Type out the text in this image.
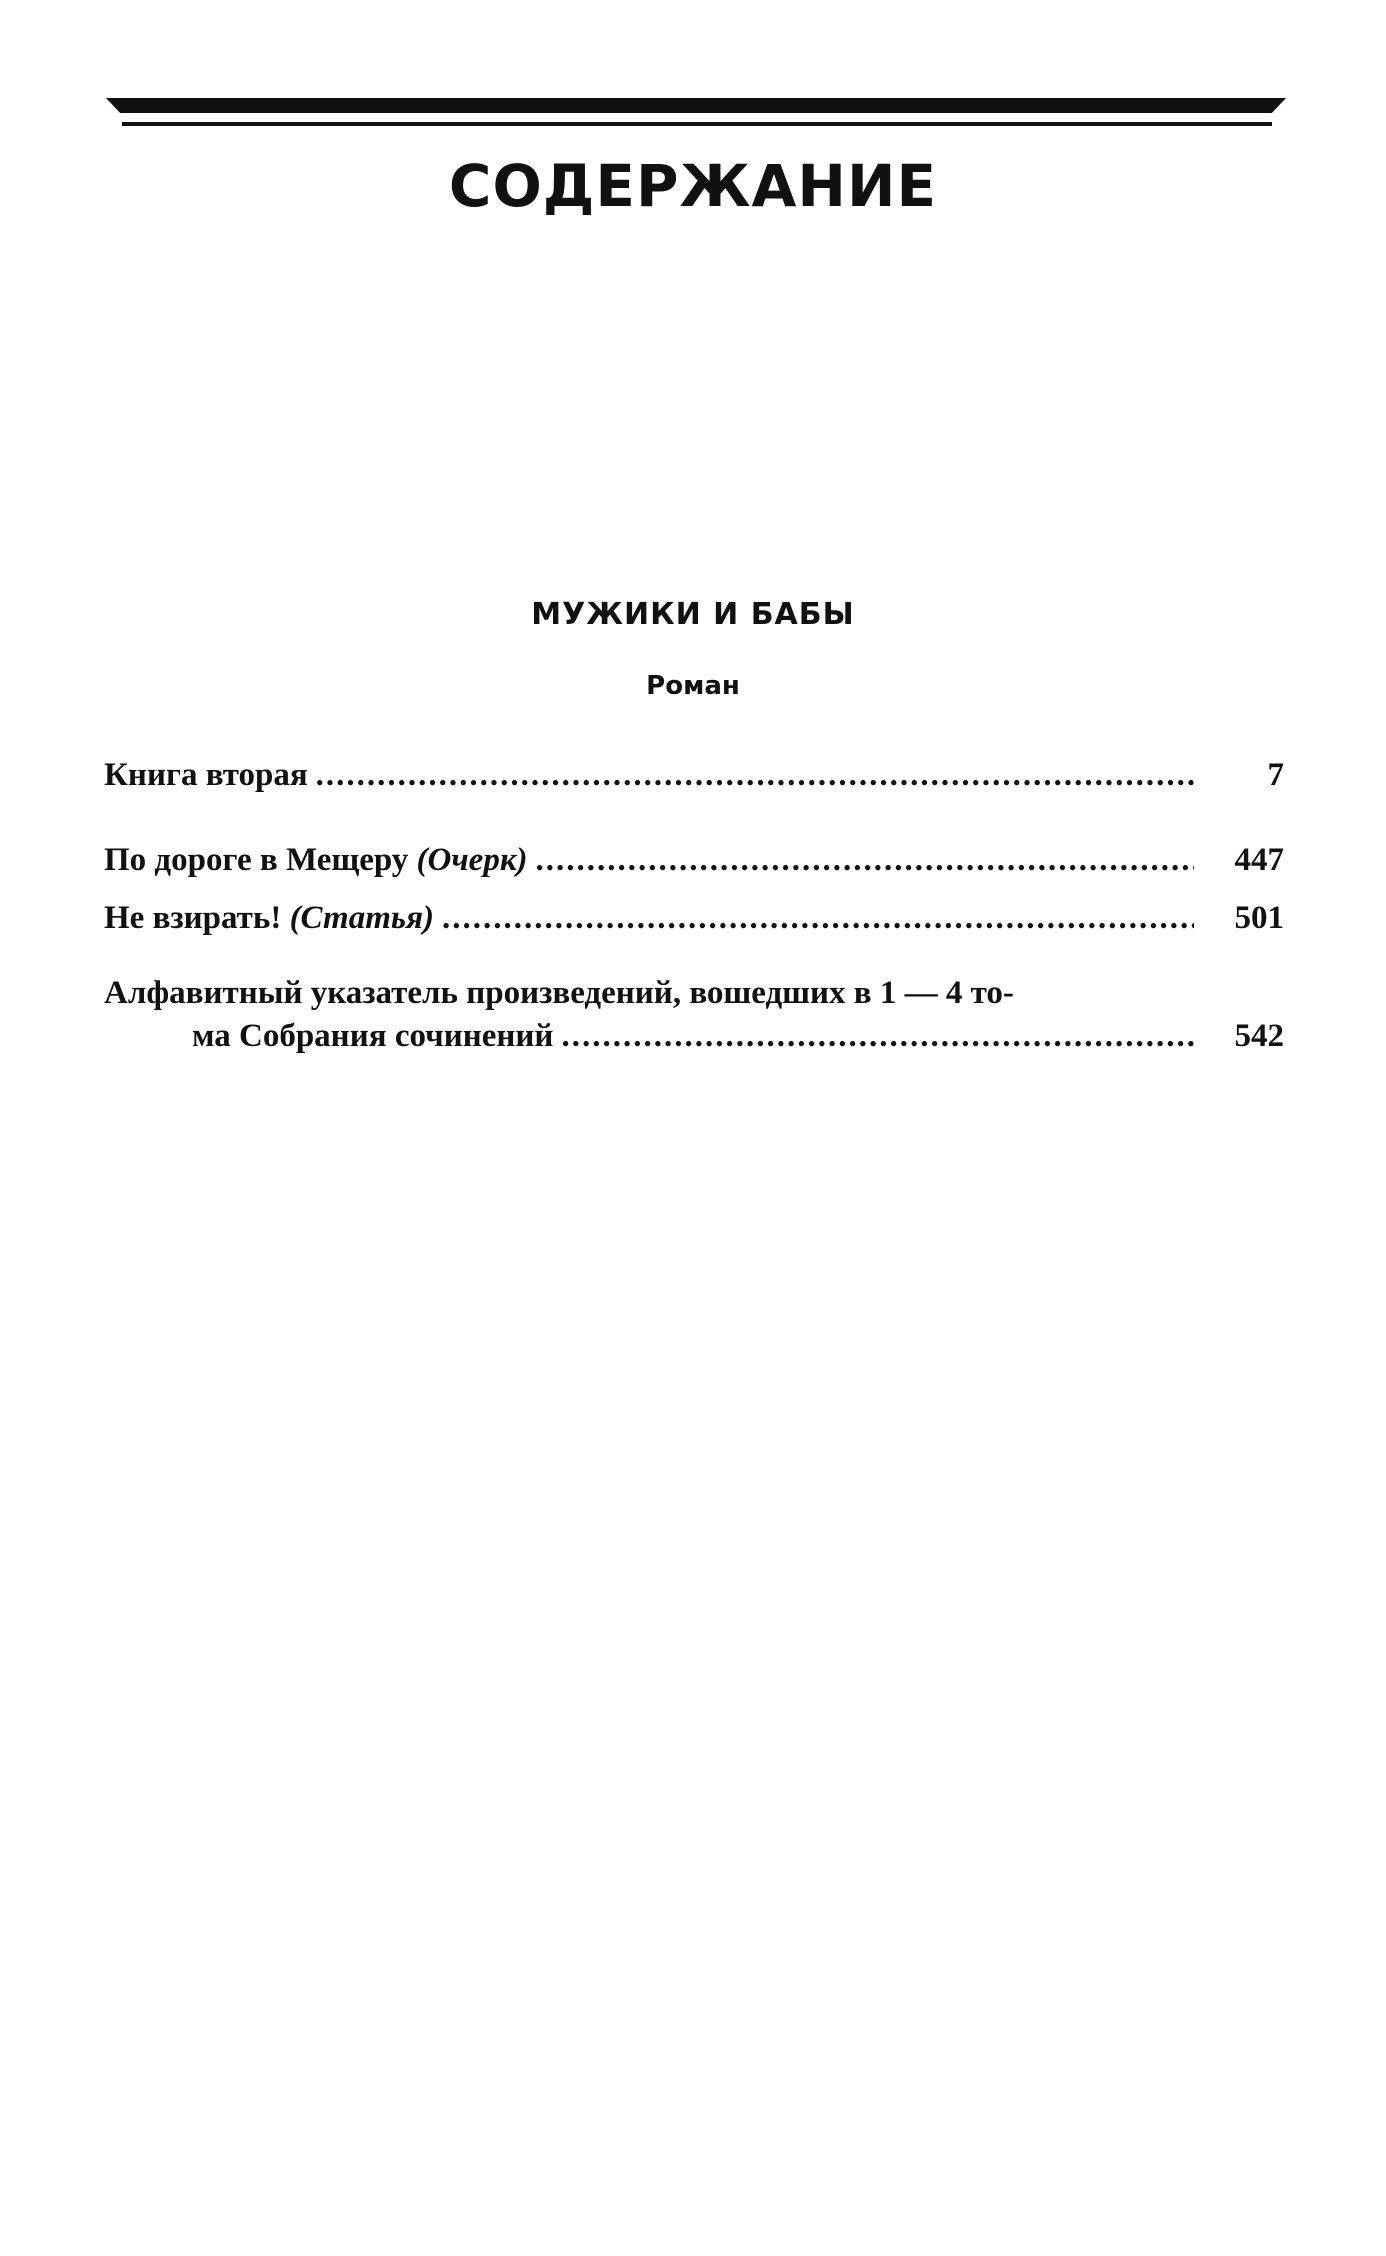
СОДЕРЖАНИЕ
МУЖИКИ И БАБЫ
Роман
Книга вторая .....	7
По дороге в Мещеру (Очерк) .....	447
Не взирать! (Статья) .....	501
Алфавитный указатель произведений, вошедших в 1 — 4 то-
ма Собрания сочинений .....	542
